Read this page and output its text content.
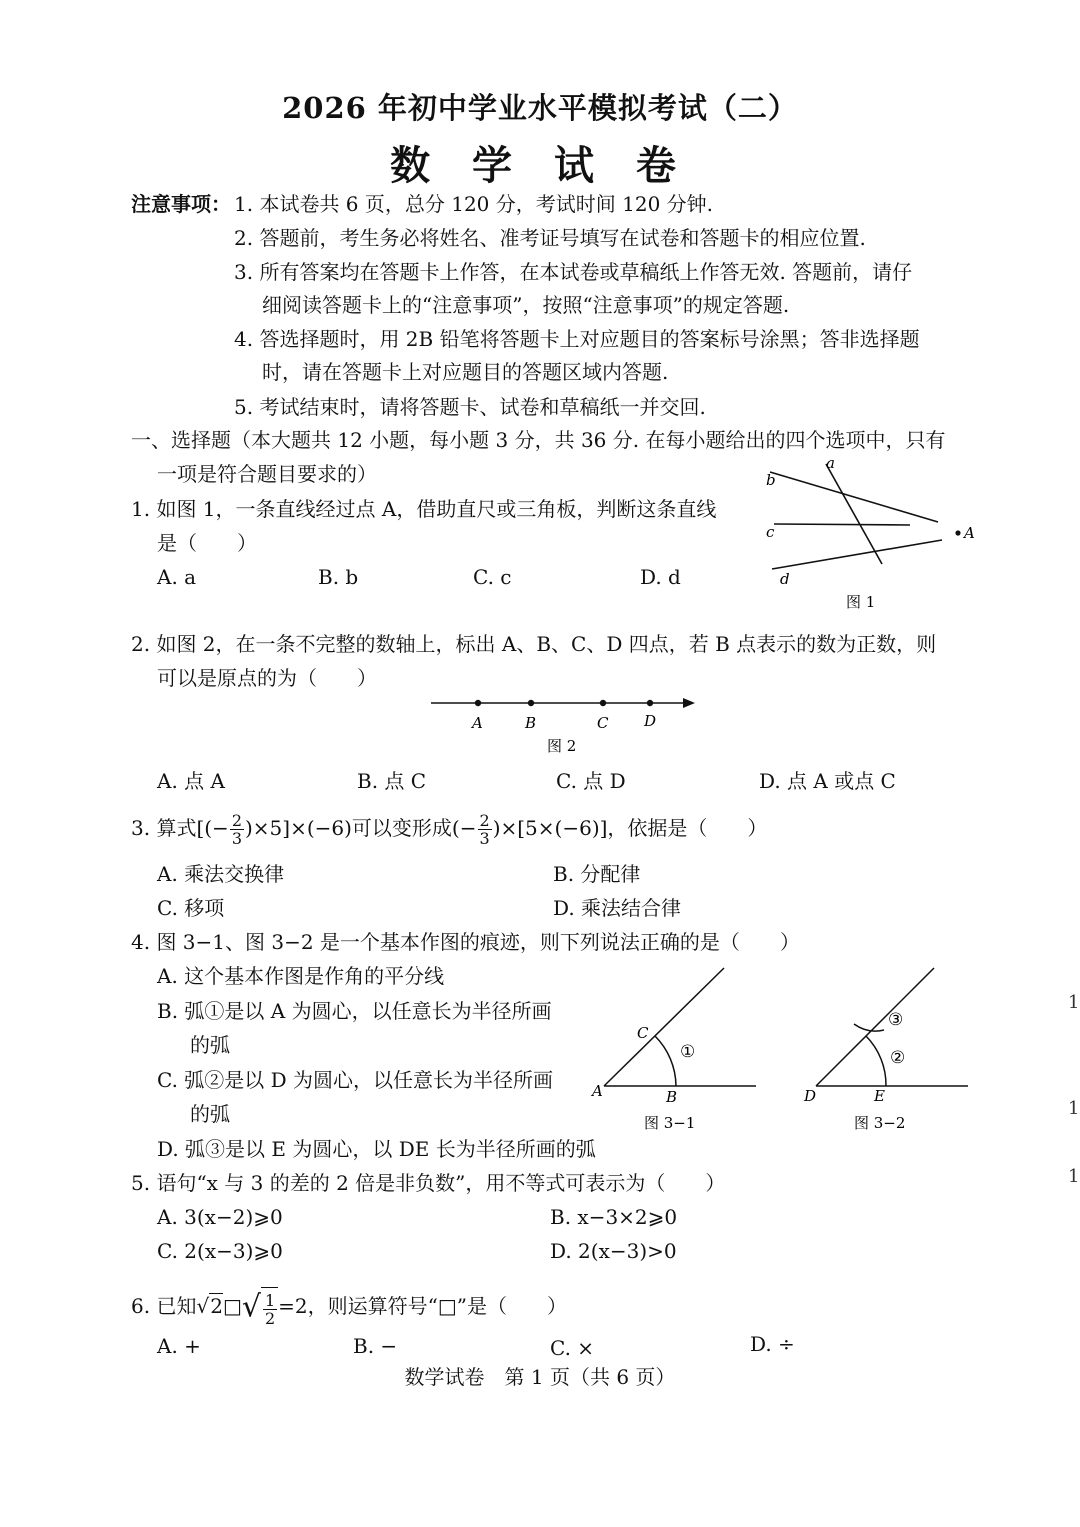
2026 年初中学业水平模拟考试（二）
数 学 试 卷
注意事项： 1. 本试卷共 6 页，总分 120 分，考试时间 120 分钟.
2. 答题前，考生务必将姓名、准考证号填写在试卷和答题卡的相应位置.
3. 所有答案均在答题卡上作答，在本试卷或草稿纸上作答无效. 答题前，请仔
细阅读答题卡上的“注意事项”，按照“注意事项”的规定答题.
4. 答选择题时，用 2B 铅笔将答题卡上对应题目的答案标号涂黑；答非选择题
时，请在答题卡上对应题目的答题区域内答题.
5. 考试结束时，请将答题卡、试卷和草稿纸一并交回.
一、选择题（本大题共 12 小题，每小题 3 分，共 36 分. 在每小题给出的四个选项中，只有
一项是符合题目要求的）
1. 如图 1，一条直线经过点 A，借助直尺或三角板，判断这条直线
是（　　）
A. a	B. b	C. c	D. d
a
b
c
d
A
图 1
2. 如图 2，在一条不完整的数轴上，标出 A、B、C、D 四点，若 B 点表示的数为正数，则
可以是原点的为（　　）
A	B	C D
图 2
A. 点 A	B. 点 C	C. 点 D	D. 点 A 或点 C
3. 算式[(− $\frac{2}{3} )\times 5]\times(-6)$可以变形成(− $\frac{2}{3} )\times[5\times(-6)]$，依据是（　　）
A. 乘法交换律	B. 分配律
C. 移项	D. 乘法结合律
4. 图 3−1、图 3−2 是一个基本作图的痕迹，则下列说法正确的是（　　）
A. 这个基本作图是作角的平分线
B. 弧①是以 A 为圆心，以任意长为半径所画
的弧
C. 弧②是以 D 为圆心，以任意长为半径所画
的弧
D. 弧③是以 E 为圆心，以 DE 长为半径所画的弧
A	B
C
①
图 3−1
D	E
②
③
图 3−2
5. 语句“x 与 3 的差的 2 倍是非负数”，用不等式可表示为（　　）
A. 3(x−2)⩾0	B. x−3×2⩾0
C. 2(x−3)⩾0	D. 2(x−3)>0
6. 已知√2□√ $\frac{1}{2} =2$，则运算符号“□”是（　　）
A. +	B. −	C. ×	D. ÷
数学试卷　第 1 页（共 6 页）
1
1
1
